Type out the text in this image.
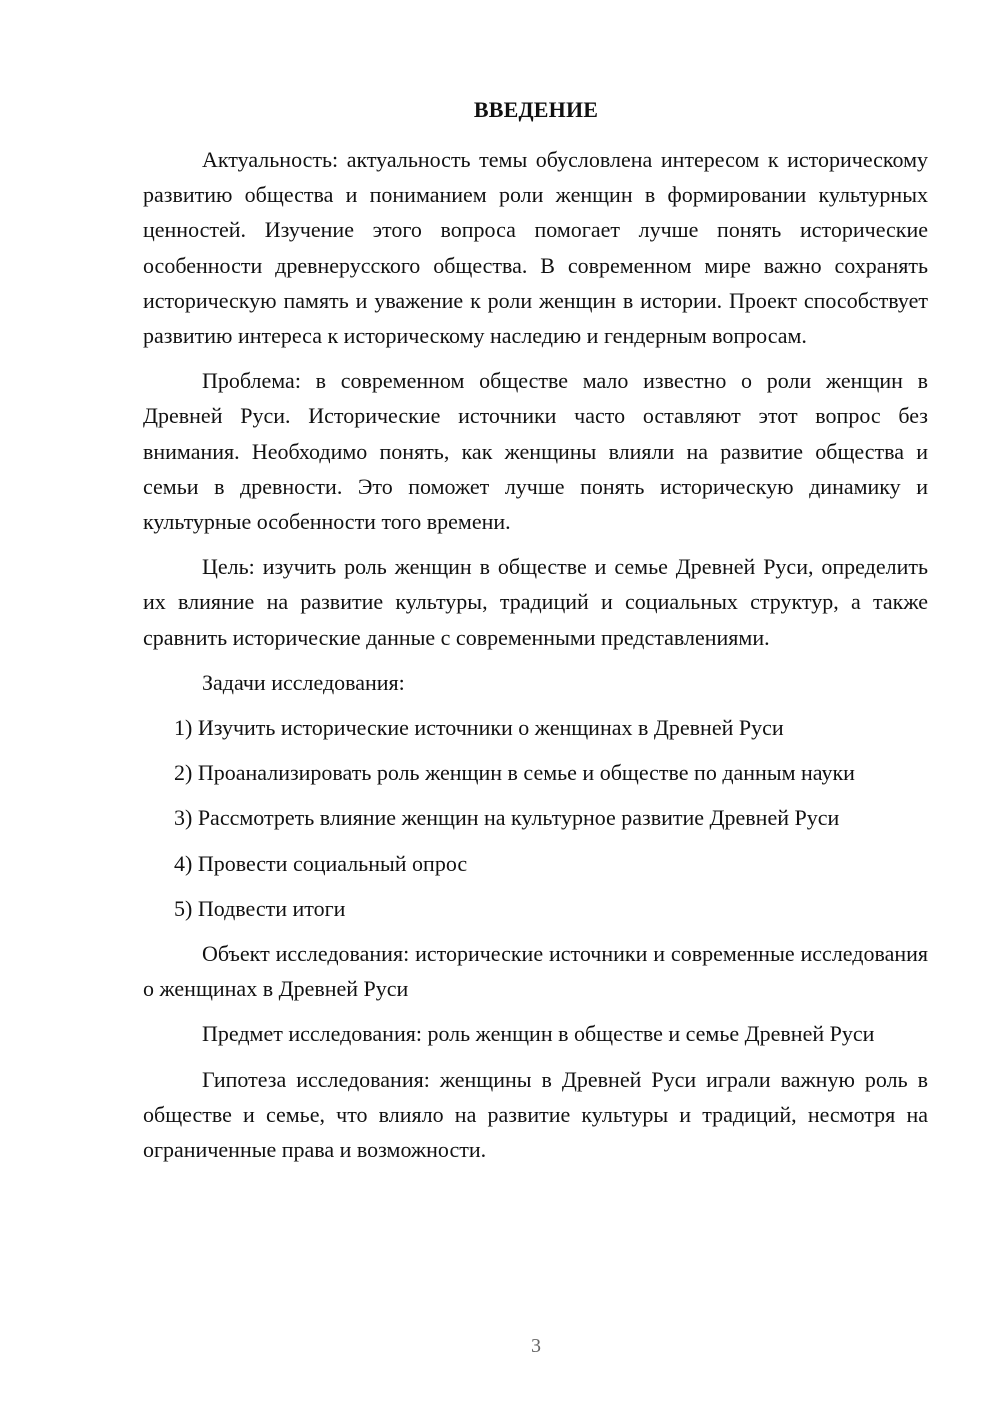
ВВЕДЕНИЕ

Актуальность: актуальность темы обусловлена интересом к историческому развитию общества и пониманием роли женщин в формировании культурных ценностей. Изучение этого вопроса помогает лучше понять исторические особенности древнерусского общества. В современном мире важно сохранять историческую память и уважение к роли женщин в истории. Проект способствует развитию интереса к историческому наследию и гендерным вопросам.

Проблема: в современном обществе мало известно о роли женщин в Древней Руси. Исторические источники часто оставляют этот вопрос без внимания. Необходимо понять, как женщины влияли на развитие общества и семьи в древности. Это поможет лучше понять историческую динамику и культурные особенности того времени.

Цель: изучить роль женщин в обществе и семье Древней Руси, определить их влияние на развитие культуры, традиций и социальных структур, а также сравнить исторические данные с современными представлениями.

Задачи исследования:

1) Изучить исторические источники о женщинах в Древней Руси

2) Проанализировать роль женщин в семье и обществе по данным науки

3) Рассмотреть влияние женщин на культурное развитие Древней Руси

4) Провести социальный опрос

5) Подвести итоги

Объект исследования: исторические источники и современные исследования о женщинах в Древней Руси

Предмет исследования: роль женщин в обществе и семье Древней Руси

Гипотеза исследования: женщины в Древней Руси играли важную роль в обществе и семье, что влияло на развитие культуры и традиций, несмотря на ограниченные права и возможности.

3
